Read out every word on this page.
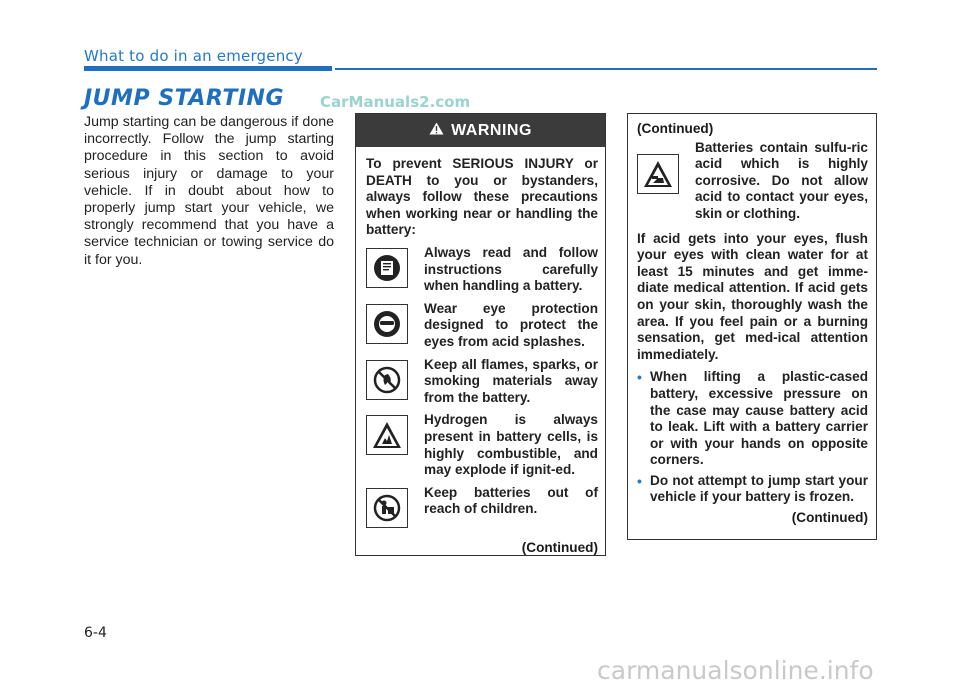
What to do in an emergency
JUMP STARTING CarManuals2.com
Jump starting can be dangerous if done incorrectly. Follow the jump starting procedure in this section to avoid serious injury or damage to your vehicle. If in doubt about how to properly jump start your vehicle, we strongly recommend that you have a service technician or towing service do it for you.
WARNING
To prevent SERIOUS INJURY or DEATH to you or bystanders, always follow these precautions when working near or handling the battery:
Always read and follow instructions carefully when handling a battery.
Wear eye protection designed to protect the eyes from acid splashes.
Keep all flames, sparks, or smoking materials away from the battery.
Hydrogen is always present in battery cells, is highly combustible, and may explode if ignit-ed.
Keep batteries out of reach of children.
(Continued)
(Continued)
Batteries contain sulfu-ric acid which is highly corrosive. Do not allow acid to contact your eyes, skin or clothing.
If acid gets into your eyes, flush your eyes with clean water for at least 15 minutes and get imme-diate medical attention. If acid gets on your skin, thoroughly wash the area. If you feel pain or a burning sensation, get med-ical attention immediately.
• When lifting a plastic-cased battery, excessive pressure on the case may cause battery acid to leak. Lift with a battery carrier or with your hands on opposite corners.
• Do not attempt to jump start your vehicle if your battery is frozen.
(Continued)
6-4
carmanualsonline.info
